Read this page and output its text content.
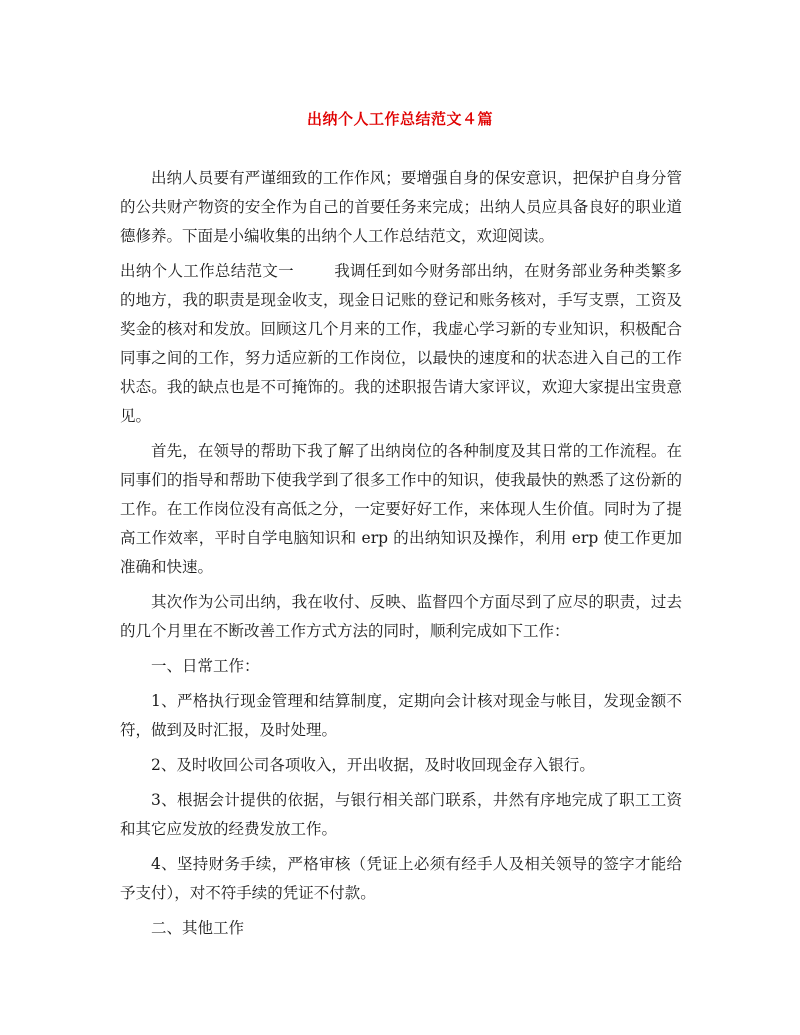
出纳个人工作总结范文４篇

出纳人员要有严谨细致的工作作风；要增强自身的保安意识，把保护自身分管的公共财产物资的安全作为自己的首要任务来完成；出纳人员应具备良好的职业道德修养。下面是小编收集的出纳个人工作总结范文，欢迎阅读。

出纳个人工作总结范文一	我调任到如今财务部出纳，在财务部业务种类繁多的地方，我的职责是现金收支，现金日记账的登记和账务核对，手写支票，工资及奖金的核对和发放。回顾这几个月来的工作，我虚心学习新的专业知识，积极配合同事之间的工作，努力适应新的工作岗位，以最快的速度和的状态进入自己的工作状态。我的缺点也是不可掩饰的。我的述职报告请大家评议，欢迎大家提出宝贵意见。

首先，在领导的帮助下我了解了出纳岗位的各种制度及其日常的工作流程。在同事们的指导和帮助下使我学到了很多工作中的知识，使我最快的熟悉了这份新的工作。在工作岗位没有高低之分，一定要好好工作，来体现人生价值。同时为了提高工作效率，平时自学电脑知识和 erp 的出纳知识及操作，利用 erp 使工作更加准确和快速。

其次作为公司出纳，我在收付、反映、监督四个方面尽到了应尽的职责，过去的几个月里在不断改善工作方式方法的同时，顺利完成如下工作：

一、日常工作：

1、严格执行现金管理和结算制度，定期向会计核对现金与帐目，发现金额不符，做到及时汇报，及时处理。

2、及时收回公司各项收入，开出收据，及时收回现金存入银行。

3、根据会计提供的依据，与银行相关部门联系，井然有序地完成了职工工资和其它应发放的经费发放工作。

4、坚持财务手续，严格审核（凭证上必须有经手人及相关领导的签字才能给予支付），对不符手续的凭证不付款。

二、其他工作
